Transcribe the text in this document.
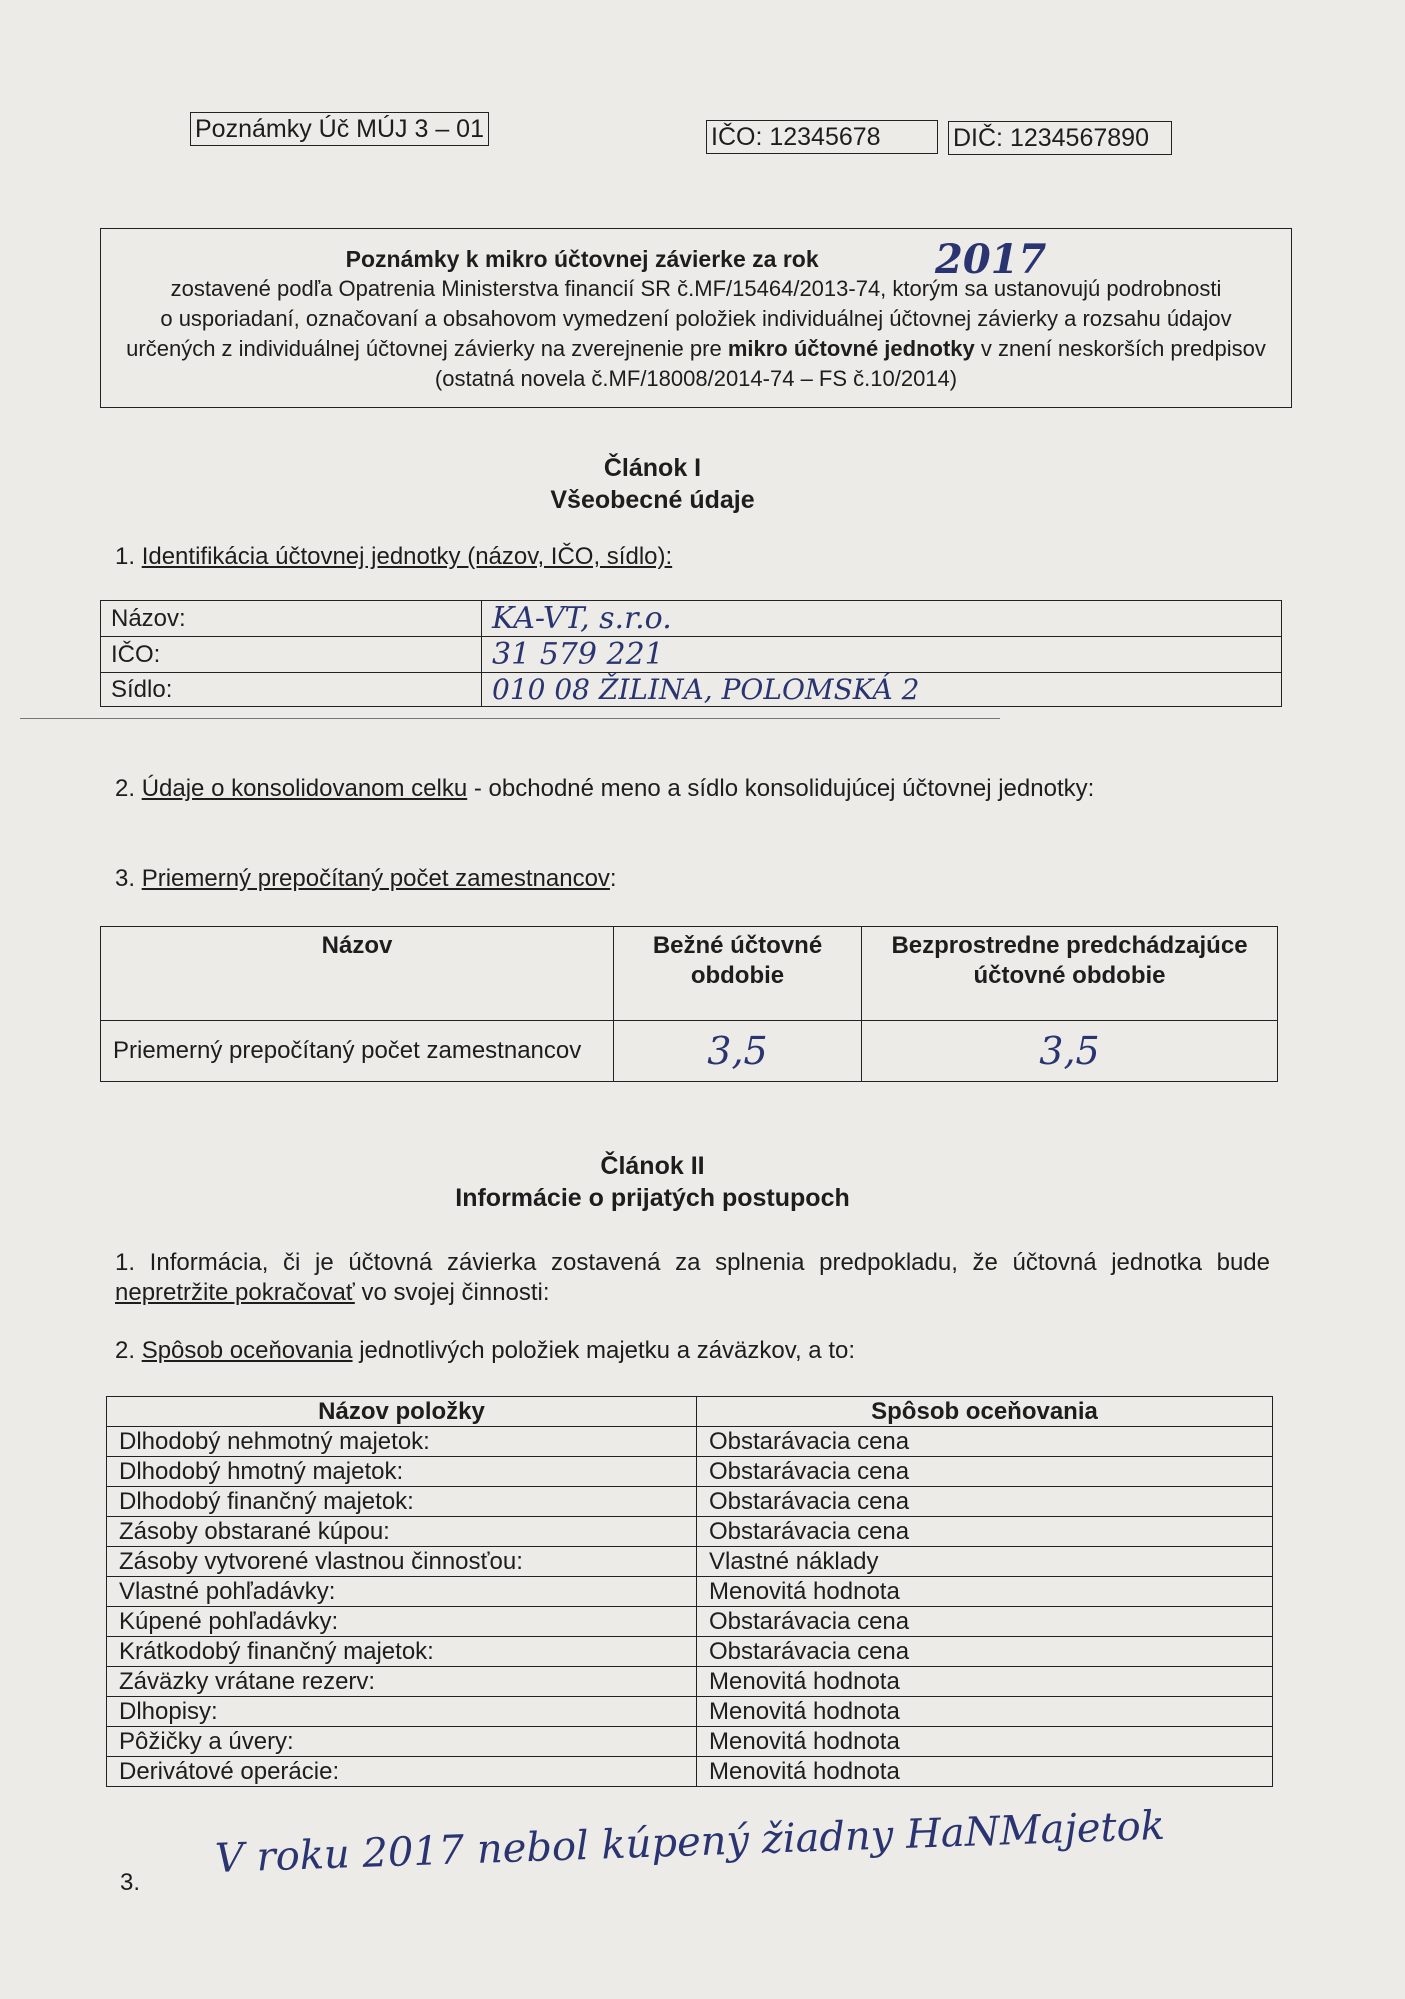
Poznámky Úč MÚJ 3 – 01	IČO: 12345678	DIČ: 1234567890
Poznámky k mikro účtovnej závierke za rok	2017
zostavené podľa Opatrenia Ministerstva financií SR č.MF/15464/2013-74, ktorým sa ustanovujú podrobnosti
o usporiadaní, označovaní a obsahovom vymedzení položiek individuálnej účtovnej závierky a rozsahu údajov
určených z individuálnej účtovnej závierky na zverejnenie pre mikro účtovné jednotky v znení neskorších predpisov
(ostatná novela č.MF/18008/2014-74 – FS č.10/2014)
Článok I
Všeobecné údaje
1. Identifikácia účtovnej jednotky (názov, IČO, sídlo):
Názov:	KA-VT, s.r.o.
IČO:	31 579 221
Sídlo:	010 08 ŽILINA, POLOMSKÁ 2
2. Údaje o konsolidovanom celku - obchodné meno a sídlo konsolidujúcej účtovnej jednotky:
3. Priemerný prepočítaný počet zamestnancov:
Názov	Bežné účtovné obdobie	Bezprostredne predchádzajúce účtovné obdobie
Priemerný prepočítaný počet zamestnancov	3,5	3,5
Článok II
Informácie o prijatých postupoch
1. Informácia, či je účtovná závierka zostavená za splnenia predpokladu, že účtovná jednotka bude nepretržite pokračovať vo svojej činnosti:
2. Spôsob oceňovania jednotlivých položiek majetku a záväzkov, a to:
Názov položky	Spôsob oceňovania
Dlhodobý nehmotný majetok:	Obstarávacia cena
Dlhodobý hmotný majetok:	Obstarávacia cena
Dlhodobý finančný majetok:	Obstarávacia cena
Zásoby obstarané kúpou:	Obstarávacia cena
Zásoby vytvorené vlastnou činnosťou:	Vlastné náklady
Vlastné pohľadávky:	Menovitá hodnota
Kúpené pohľadávky:	Obstarávacia cena
Krátkodobý finančný majetok:	Obstarávacia cena
Záväzky vrátane rezerv:	Menovitá hodnota
Dlhopisy:	Menovitá hodnota
Pôžičky a úvery:	Menovitá hodnota
Derivátové operácie:	Menovitá hodnota
3.
V roku 2017 nebol kúpený žiadny HaNMajetok
